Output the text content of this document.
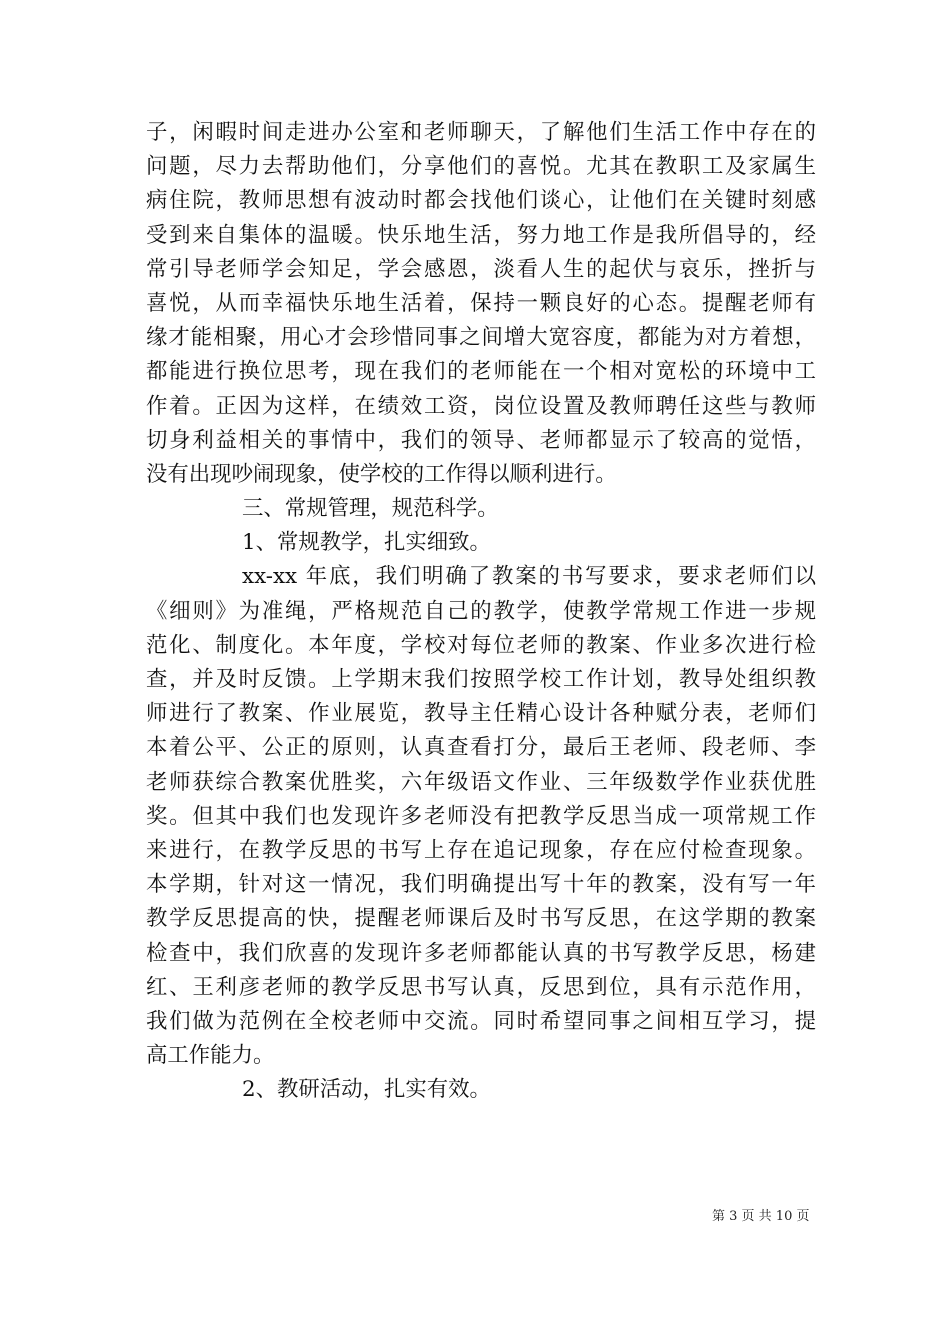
子，闲暇时间走进办公室和老师聊天，了解他们生活工作中存在的
问题，尽力去帮助他们，分享他们的喜悦。尤其在教职工及家属生
病住院，教师思想有波动时都会找他们谈心，让他们在关键时刻感
受到来自集体的温暖。快乐地生活，努力地工作是我所倡导的，经
常引导老师学会知足，学会感恩，淡看人生的起伏与哀乐，挫折与
喜悦，从而幸福快乐地生活着，保持一颗良好的心态。提醒老师有
缘才能相聚，用心才会珍惜同事之间增大宽容度，都能为对方着想，
都能进行换位思考，现在我们的老师能在一个相对宽松的环境中工
作着。正因为这样，在绩效工资，岗位设置及教师聘任这些与教师
切身利益相关的事情中，我们的领导、老师都显示了较高的觉悟，
没有出现吵闹现象，使学校的工作得以顺利进行。
三、常规管理，规范科学。
1、常规教学，扎实细致。
xx-xx 年底，我们明确了教案的书写要求，要求老师们以
《细则》为准绳，严格规范自己的教学，使教学常规工作进一步规
范化、制度化。本年度，学校对每位老师的教案、作业多次进行检
查，并及时反馈。上学期末我们按照学校工作计划，教导处组织教
师进行了教案、作业展览，教导主任精心设计各种赋分表，老师们
本着公平、公正的原则，认真查看打分，最后王老师、段老师、李
老师获综合教案优胜奖，六年级语文作业、三年级数学作业获优胜
奖。但其中我们也发现许多老师没有把教学反思当成一项常规工作
来进行，在教学反思的书写上存在追记现象，存在应付检查现象。
本学期，针对这一情况，我们明确提出写十年的教案，没有写一年
教学反思提高的快，提醒老师课后及时书写反思，在这学期的教案
检查中，我们欣喜的发现许多老师都能认真的书写教学反思，杨建
红、王利彦老师的教学反思书写认真，反思到位，具有示范作用，
我们做为范例在全校老师中交流。同时希望同事之间相互学习，提
高工作能力。
2、教研活动，扎实有效。
第 3 页 共 10 页
